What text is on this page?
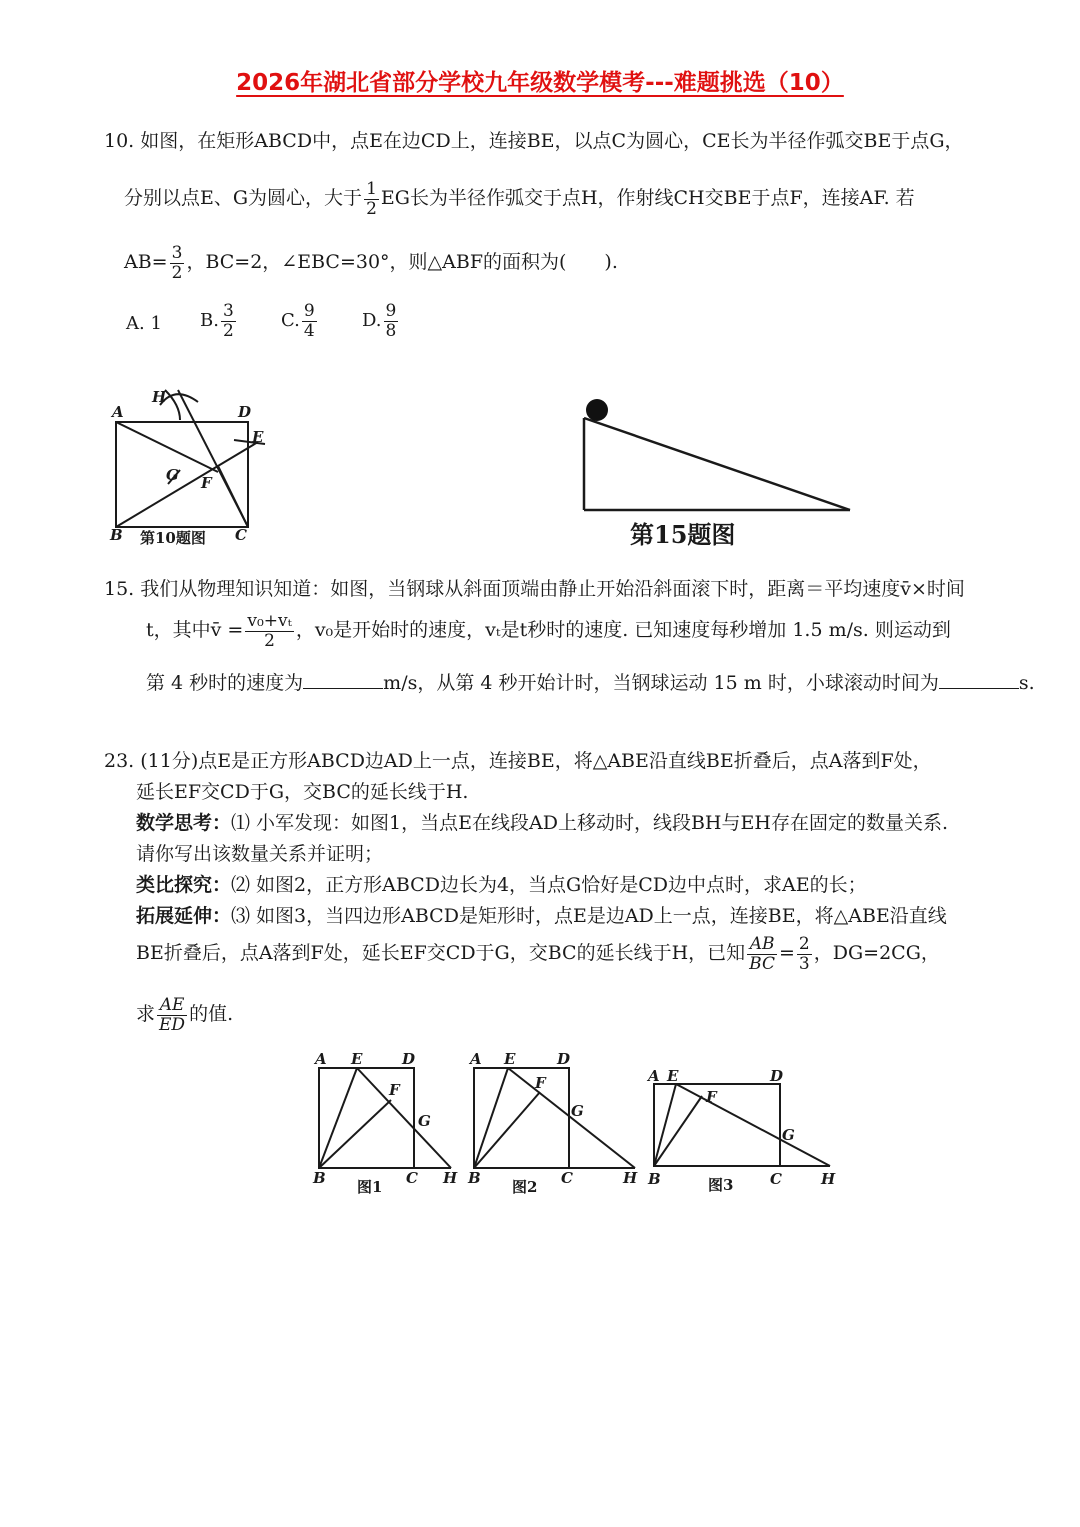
2026年湖北省部分学校九年级数学模考---难题挑选（10）
10. 如图，在矩形ABCD中，点E在边CD上，连接BE，以点C为圆心，CE长为半径作弧交BE于点G，
分别以点E、G为圆心，大于 $\frac{1}{2}$ EG长为半径作弧交于点H，作射线CH交BE于点F，连接AF. 若
$AB= \frac{3}{2}$ ，BC=2，∠EBC=30°，则△ABF的面积为(　　).
A. 1 B. $\frac{3}{2}$	C. $\frac{9}{4}$	D. $\frac{9}{8}$
A
H
D
E
G F
B	C
第10题图	第15题图
15. 我们从物理知识知道：如图，当钢球从斜面顶端由静止开始沿斜面滚下时，距离＝平均速度v̄×时间
t，其中v̄ = $\frac{\text{v₀+vₜ}}{2}$ ，v₀是开始时的速度，vₜ是t秒时的速度. 已知速度每秒增加 1.5 m/s. 则运动到
第 4 秒时的速度为	m/s，从第 4 秒开始计时，当钢球运动 15 m 时，小球滚动时间为	s.
23. (11分)点E是正方形ABCD边AD上一点，连接BE，将△ABE沿直线BE折叠后，点A落到F处，
延长EF交CD于G，交BC的延长线于H.
数学思考：⑴ 小军发现：如图1，当点E在线段AD上移动时，线段BH与EH存在固定的数量关系.
请你写出该数量关系并证明；
类比探究：⑵ 如图2，正方形ABCD边长为4，当点G恰好是CD边中点时，求AE的长；
拓展延伸：⑶ 如图3，当四边形ABCD是矩形时，点E是边AD上一点，连接BE，将△ABE沿直线
BE折叠后，点A落到F处，延长EF交CD于G，交BC的延长线于H，已知 $\frac{AB}{BC} = \frac{2}{3}$ ，DG=2CG，
求 $\frac{AE}{ED}$ 的值.
A E	D
F
G
B	C H
图1
A E	D
F
G
B	C	H
图2
A E	D
F
G
B	C	H
图3
